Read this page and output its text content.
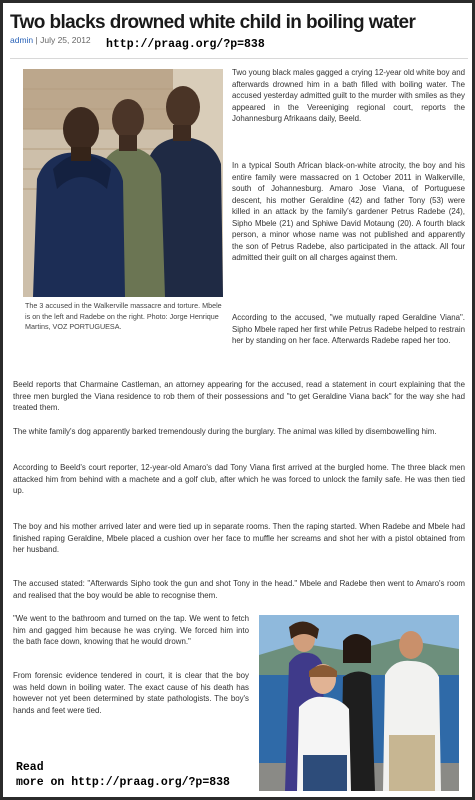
Two blacks drowned white child in boiling water
admin | July 25, 2012 http://praag.org/?p=838

The 3 accused in the Walkerville massacre and torture. Mbele is on the left and Radebe on the right. Photo: Jorge Henrique Martins, VOZ PORTUGUESA.

Two young black males gagged a crying 12-year old white boy and afterwards drowned him in a bath filled with boiling water. The accused yesterday admitted guilt to the murder with smiles as they appeared in the Vereeniging regional court, reports the Johannesburg Afrikaans daily, Beeld.

In a typical South African black-on-white atrocity, the boy and his entire family were massacred on 1 October 2011 in Walkerville, south of Johannesburg. Amaro Jose Viana, of Portuguese descent, his mother Geraldine (42) and father Tony (53) were killed in an attack by the family's gardener Petrus Radebe (24), Sipho Mbele (21) and Sphiwe David Motaung (20). A fourth black person, a minor whose name was not published and apparently the son of Petrus Radebe, also participated in the attack. All four admitted their guilt on all charges against them.

According to the accused, "we mutually raped Geraldine Viana". Sipho Mbele raped her first while Petrus Radebe helped to restrain her by standing on her face. Afterwards Radebe raped her too.

Beeld reports that Charmaine Castleman, an attorney appearing for the accused, read a statement in court explaining that the three men burgled the Viana residence to rob them of their possessions and "to get Geraldine Viana back" for the way she had treated them.

The white family's dog apparently barked tremendously during the burglary. The animal was killed by disembowelling him.

According to Beeld's court reporter, 12-year-old Amaro's dad Tony Viana first arrived at the burgled home. The three black men attacked him from behind with a machete and a golf club, after which he was forced to unlock the family safe. He was then tied up.

The boy and his mother arrived later and were tied up in separate rooms. Then the raping started. When Radebe and Mbele had finished raping Geraldine, Mbele placed a cushion over her face to muffle her screams and shot her with a pistol obtained from her husband.

The accused stated: "Afterwards Sipho took the gun and shot Tony in the head." Mbele and Radebe then went to Amaro's room and realised that the boy would be able to recognise them.

"We went to the bathroom and turned on the tap. We went to fetch him and gagged him because he was crying. We forced him into the bath face down, knowing that he would drown."

From forensic evidence tendered in court, it is clear that the boy was held down in boiling water. The exact cause of his death has however not yet been determined by state pathologists. The boy's hands and feet were tied.

Read
more on http://praag.org/?p=838
